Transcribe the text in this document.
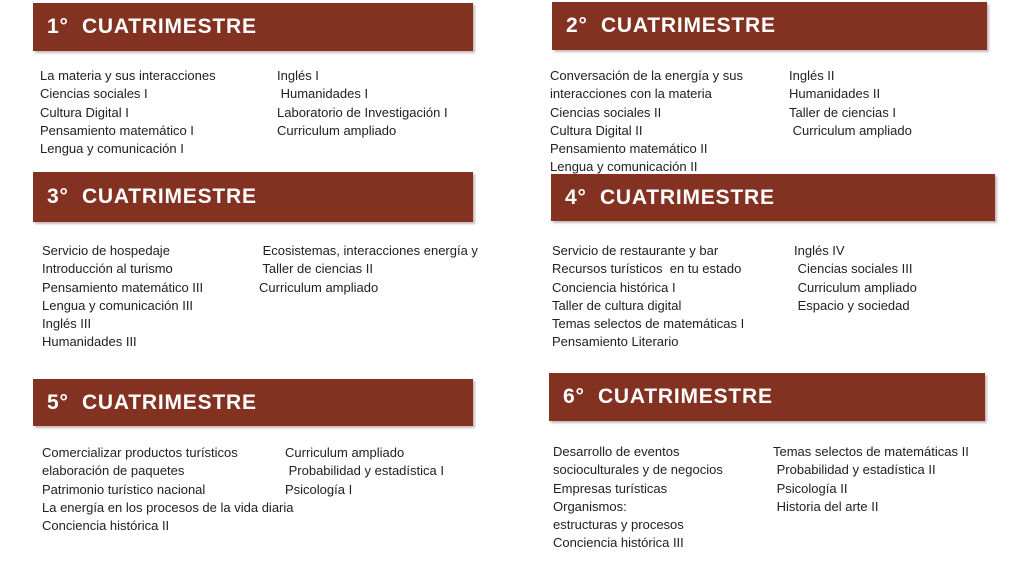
1°  CUATRIMESTRE
La materia y sus interacciones
Ciencias sociales I
Cultura Digital I
Pensamiento matemático I
Lengua y comunicación I
Inglés I
Humanidades I
Laboratorio de Investigación I
Curriculum ampliado
2°  CUATRIMESTRE
Conversación de la energía y sus
interacciones con la materia
Ciencias sociales II
Cultura Digital II
Pensamiento matemático II
Lengua y comunicación II
Inglés II
Humanidades II
Taller de ciencias I
Curriculum ampliado
3°  CUATRIMESTRE
Servicio de hospedaje
Introducción al turismo
Pensamiento matemático III
Lengua y comunicación III
Inglés III
Humanidades III
Ecosistemas, interacciones energía y
Taller de ciencias II
Curriculum ampliado
4°  CUATRIMESTRE
Servicio de restaurante y bar
Recursos turísticos  en tu estado
Conciencia histórica I
Taller de cultura digital
Temas selectos de matemáticas I
Pensamiento Literario
Inglés IV
Ciencias sociales III
Curriculum ampliado
Espacio y sociedad
5°  CUATRIMESTRE
Comercializar productos turísticos
elaboración de paquetes
Patrimonio turístico nacional
La energía en los procesos de la vida diaria
Conciencia histórica II
Curriculum ampliado
Probabilidad y estadística I
Psicología I
6°  CUATRIMESTRE
Desarrollo de eventos
socioculturales y de negocios
Empresas turísticas
Organismos:
estructuras y procesos
Conciencia histórica III
Temas selectos de matemáticas II
Probabilidad y estadística II
Psicología II
Historia del arte II
